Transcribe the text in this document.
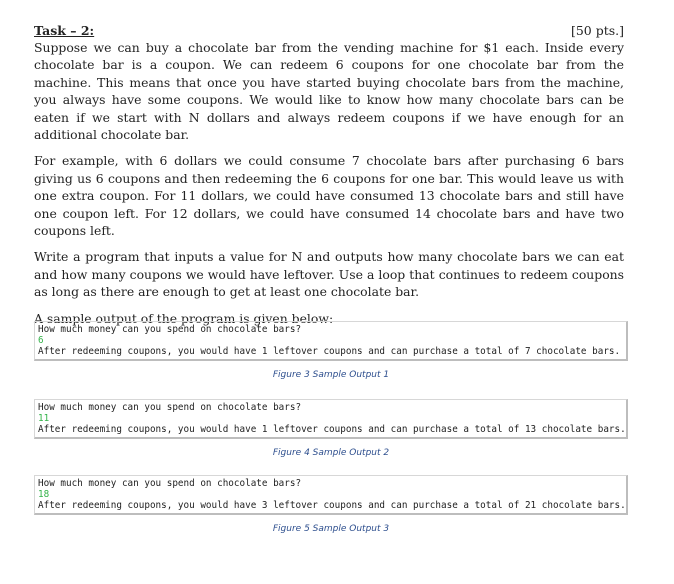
Task – 2:	[50 pts.]

Suppose we can buy a chocolate bar from the vending machine for $1 each. Inside every chocolate bar is a coupon. We can redeem 6 coupons for one chocolate bar from the machine. This means that once you have started buying chocolate bars from the machine, you always have some coupons. We would like to know how many chocolate bars can be eaten if we start with N dollars and always redeem coupons if we have enough for an additional chocolate bar.

For example, with 6 dollars we could consume 7 chocolate bars after purchasing 6 bars giving us 6 coupons and then redeeming the 6 coupons for one bar. This would leave us with one extra coupon. For 11 dollars, we could have consumed 13 chocolate bars and still have one coupon left. For 12 dollars, we could have consumed 14 chocolate bars and have two coupons left.

Write a program that inputs a value for N and outputs how many chocolate bars we can eat and how many coupons we would have leftover. Use a loop that continues to redeem coupons as long as there are enough to get at least one chocolate bar.

A sample output of the program is given below:

How much money can you spend on chocolate bars?
6
After redeeming coupons, you would have 1 leftover coupons and can purchase a total of 7 chocolate bars.
Figure 3 Sample Output 1
How much money can you spend on chocolate bars?
11
After redeeming coupons, you would have 1 leftover coupons and can purchase a total of 13 chocolate bars.
Figure 4 Sample Output 2
How much money can you spend on chocolate bars?
18
After redeeming coupons, you would have 3 leftover coupons and can purchase a total of 21 chocolate bars.
Figure 5 Sample Output 3
